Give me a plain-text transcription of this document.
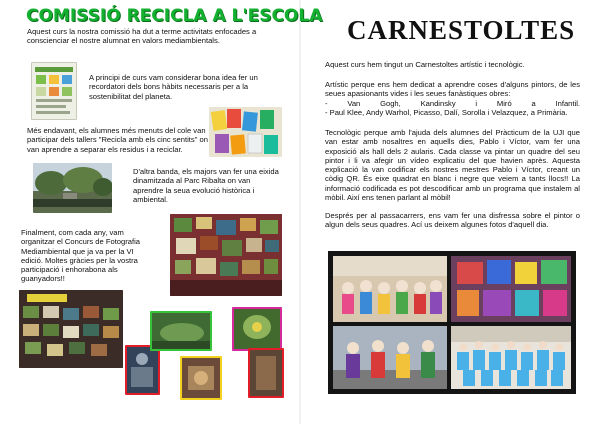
COMISSIÓ RECICLA A L'ESCOLA

Aquest curs la nostra comissió ha dut a terme activitats enfocades a conscienciar el nostre alumnat en valors mediambientals.

A principi de curs vam considerar bona idea fer un recordatori dels bons hàbits necessaris per a la sostenibilitat del planeta.

Més endavant, els alumnes més menuts del cole van participar dels tallers "Recicla amb els cinc sentits" on van aprendre a separar els residus i a reciclar.

D'altra banda, els majors van fer una eixida dinamitzada al Parc Ribalta on van aprendre la seua evolució històrica i ambiental.

Finalment, com cada any, vam organitzar el Concurs de Fotografia Mediambiental que ja va per la VI edició. Moltes gràcies per la vostra participació i enhorabona als guanyadors!!

CARNESTOLTES

Aquest curs hem tingut un Carnestoltes artístic i tecnològic.

Artístic perque ens hem dedicat a aprendre coses d'alguns pintors, de les seues apasionants vides i les seues fanàstiques obres:

- Van Gogh, Kandinsky i Miró a Infantil.

- Paul Klee, Andy Warhol, Picasso, Dalí, Sorolla i Velazquez, a Primària.

Tecnològic perque amb l'ajuda dels alumnes del Pràcticum de la UJI que van estar amb nosaltres en aquells dies, Pablo i Víctor, vam fer una exposició als hall dels 2 aularis. Cada classe va pintar un quadre del seu pintor i li va afegir un vídeo explicatiu del que havien après. Aquesta explicació la van codificar els nostres mestres Pablo i Víctor, creant un còdig QR. És eixe quadrat en blanc i negre que veiem a tants llocs!! La informació codificada es pot descodificar amb un programa que instalem al mòbil. Així ens tenen parlant al mòbil!

Després per al passacarrers, ens vam fer una disfressa sobre el pintor o algun dels seus quadres. Ací us deixem algunes fotos d'aquell dia.
